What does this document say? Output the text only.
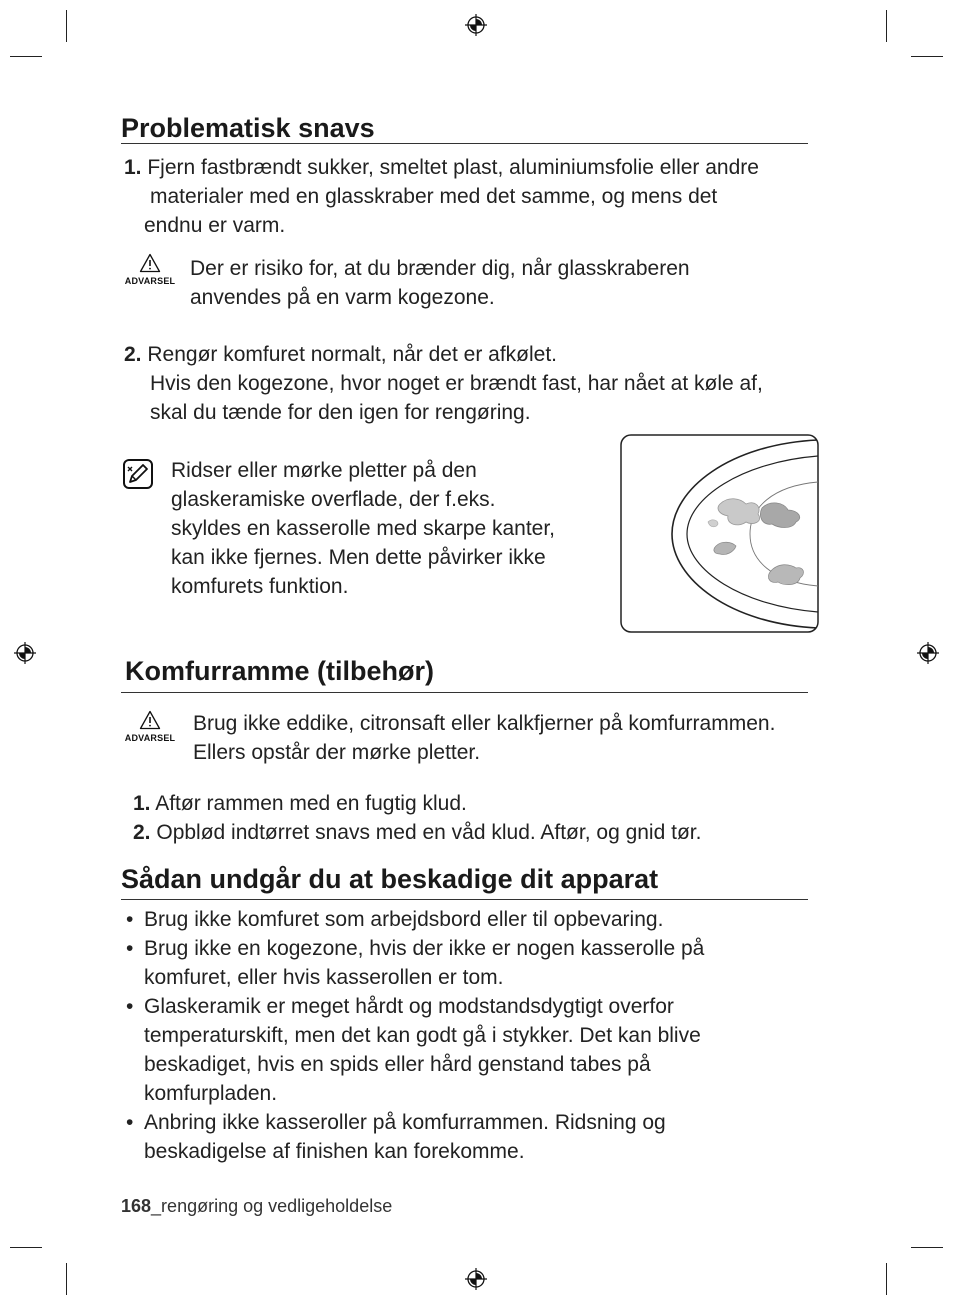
Problematisk snavs
1. Fjern fastbrændt sukker, smeltet plast, aluminiumsfolie eller andre
materialer med en glasskraber med det samme, og mens det
endnu er varm.
ADVARSEL
Der er risiko for, at du brænder dig, når glasskraberen
anvendes på en varm kogezone.
2. Rengør komfuret normalt, når det er afkølet.
Hvis den kogezone, hvor noget er brændt fast, har nået at køle af,
skal du tænde for den igen for rengøring.
Ridser eller mørke pletter på den
glaskeramiske overflade, der f.eks.
skyldes en kasserolle med skarpe kanter,
kan ikke fjernes. Men dette påvirker ikke
komfurets funktion.
Komfurramme (tilbehør)
ADVARSEL
Brug ikke eddike, citronsaft eller kalkfjerner på komfurrammen.
Ellers opstår der mørke pletter.
1. Aftør rammen med en fugtig klud.
2. Opblød indtørret snavs med en våd klud. Aftør, og gnid tør.
Sådan undgår du at beskadige dit apparat
• Brug ikke komfuret som arbejdsbord eller til opbevaring.
• Brug ikke en kogezone, hvis der ikke er nogen kasserolle på
komfuret, eller hvis kasserollen er tom.
• Glaskeramik er meget hårdt og modstandsdygtigt overfor
temperaturskift, men det kan godt gå i stykker. Det kan blive
beskadiget, hvis en spids eller hård genstand tabes på
komfurpladen.
• Anbring ikke kasseroller på komfurrammen. Ridsning og
beskadigelse af finishen kan forekomme.
168_rengøring og vedligeholdelse
